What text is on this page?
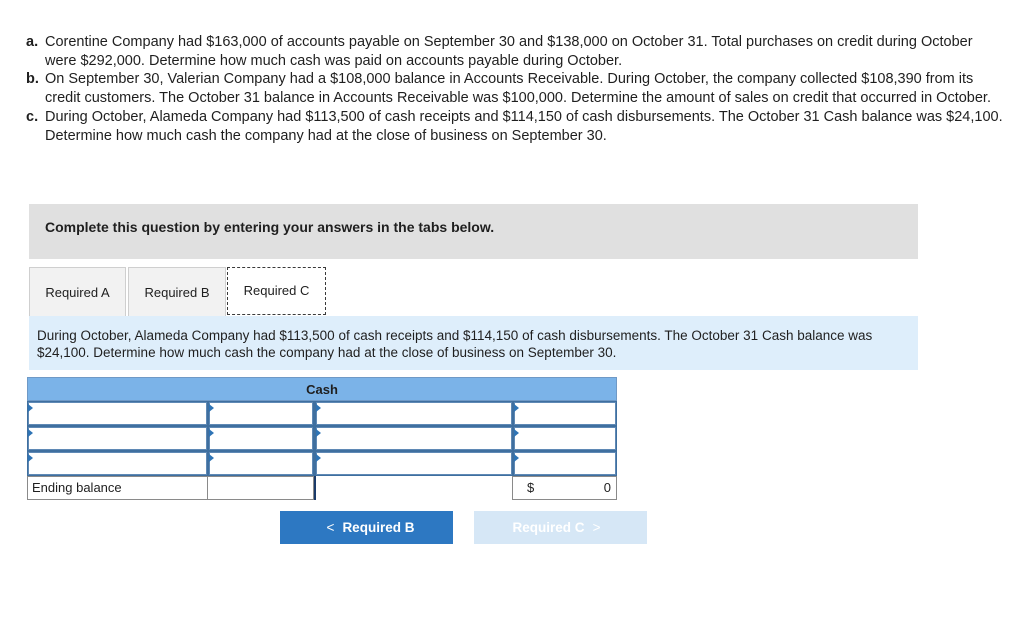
a. Corentine Company had $163,000 of accounts payable on September 30 and $138,000 on October 31. Total purchases on credit during October were $292,000. Determine how much cash was paid on accounts payable during October.
b. On September 30, Valerian Company had a $108,000 balance in Accounts Receivable. During October, the company collected $108,390 from its credit customers. The October 31 balance in Accounts Receivable was $100,000. Determine the amount of sales on credit that occurred in October.
c. During October, Alameda Company had $113,500 of cash receipts and $114,150 of cash disbursements. The October 31 Cash balance was $24,100. Determine how much cash the company had at the close of business on September 30.
Complete this question by entering your answers in the tabs below.
Required A	Required B	Required C
During October, Alameda Company had $113,500 of cash receipts and $114,150 of cash disbursements. The October 31 Cash balance was $24,100. Determine how much cash the company had at the close of business on September 30.
Cash
Ending balance	$	0
< Required B	Required C >
